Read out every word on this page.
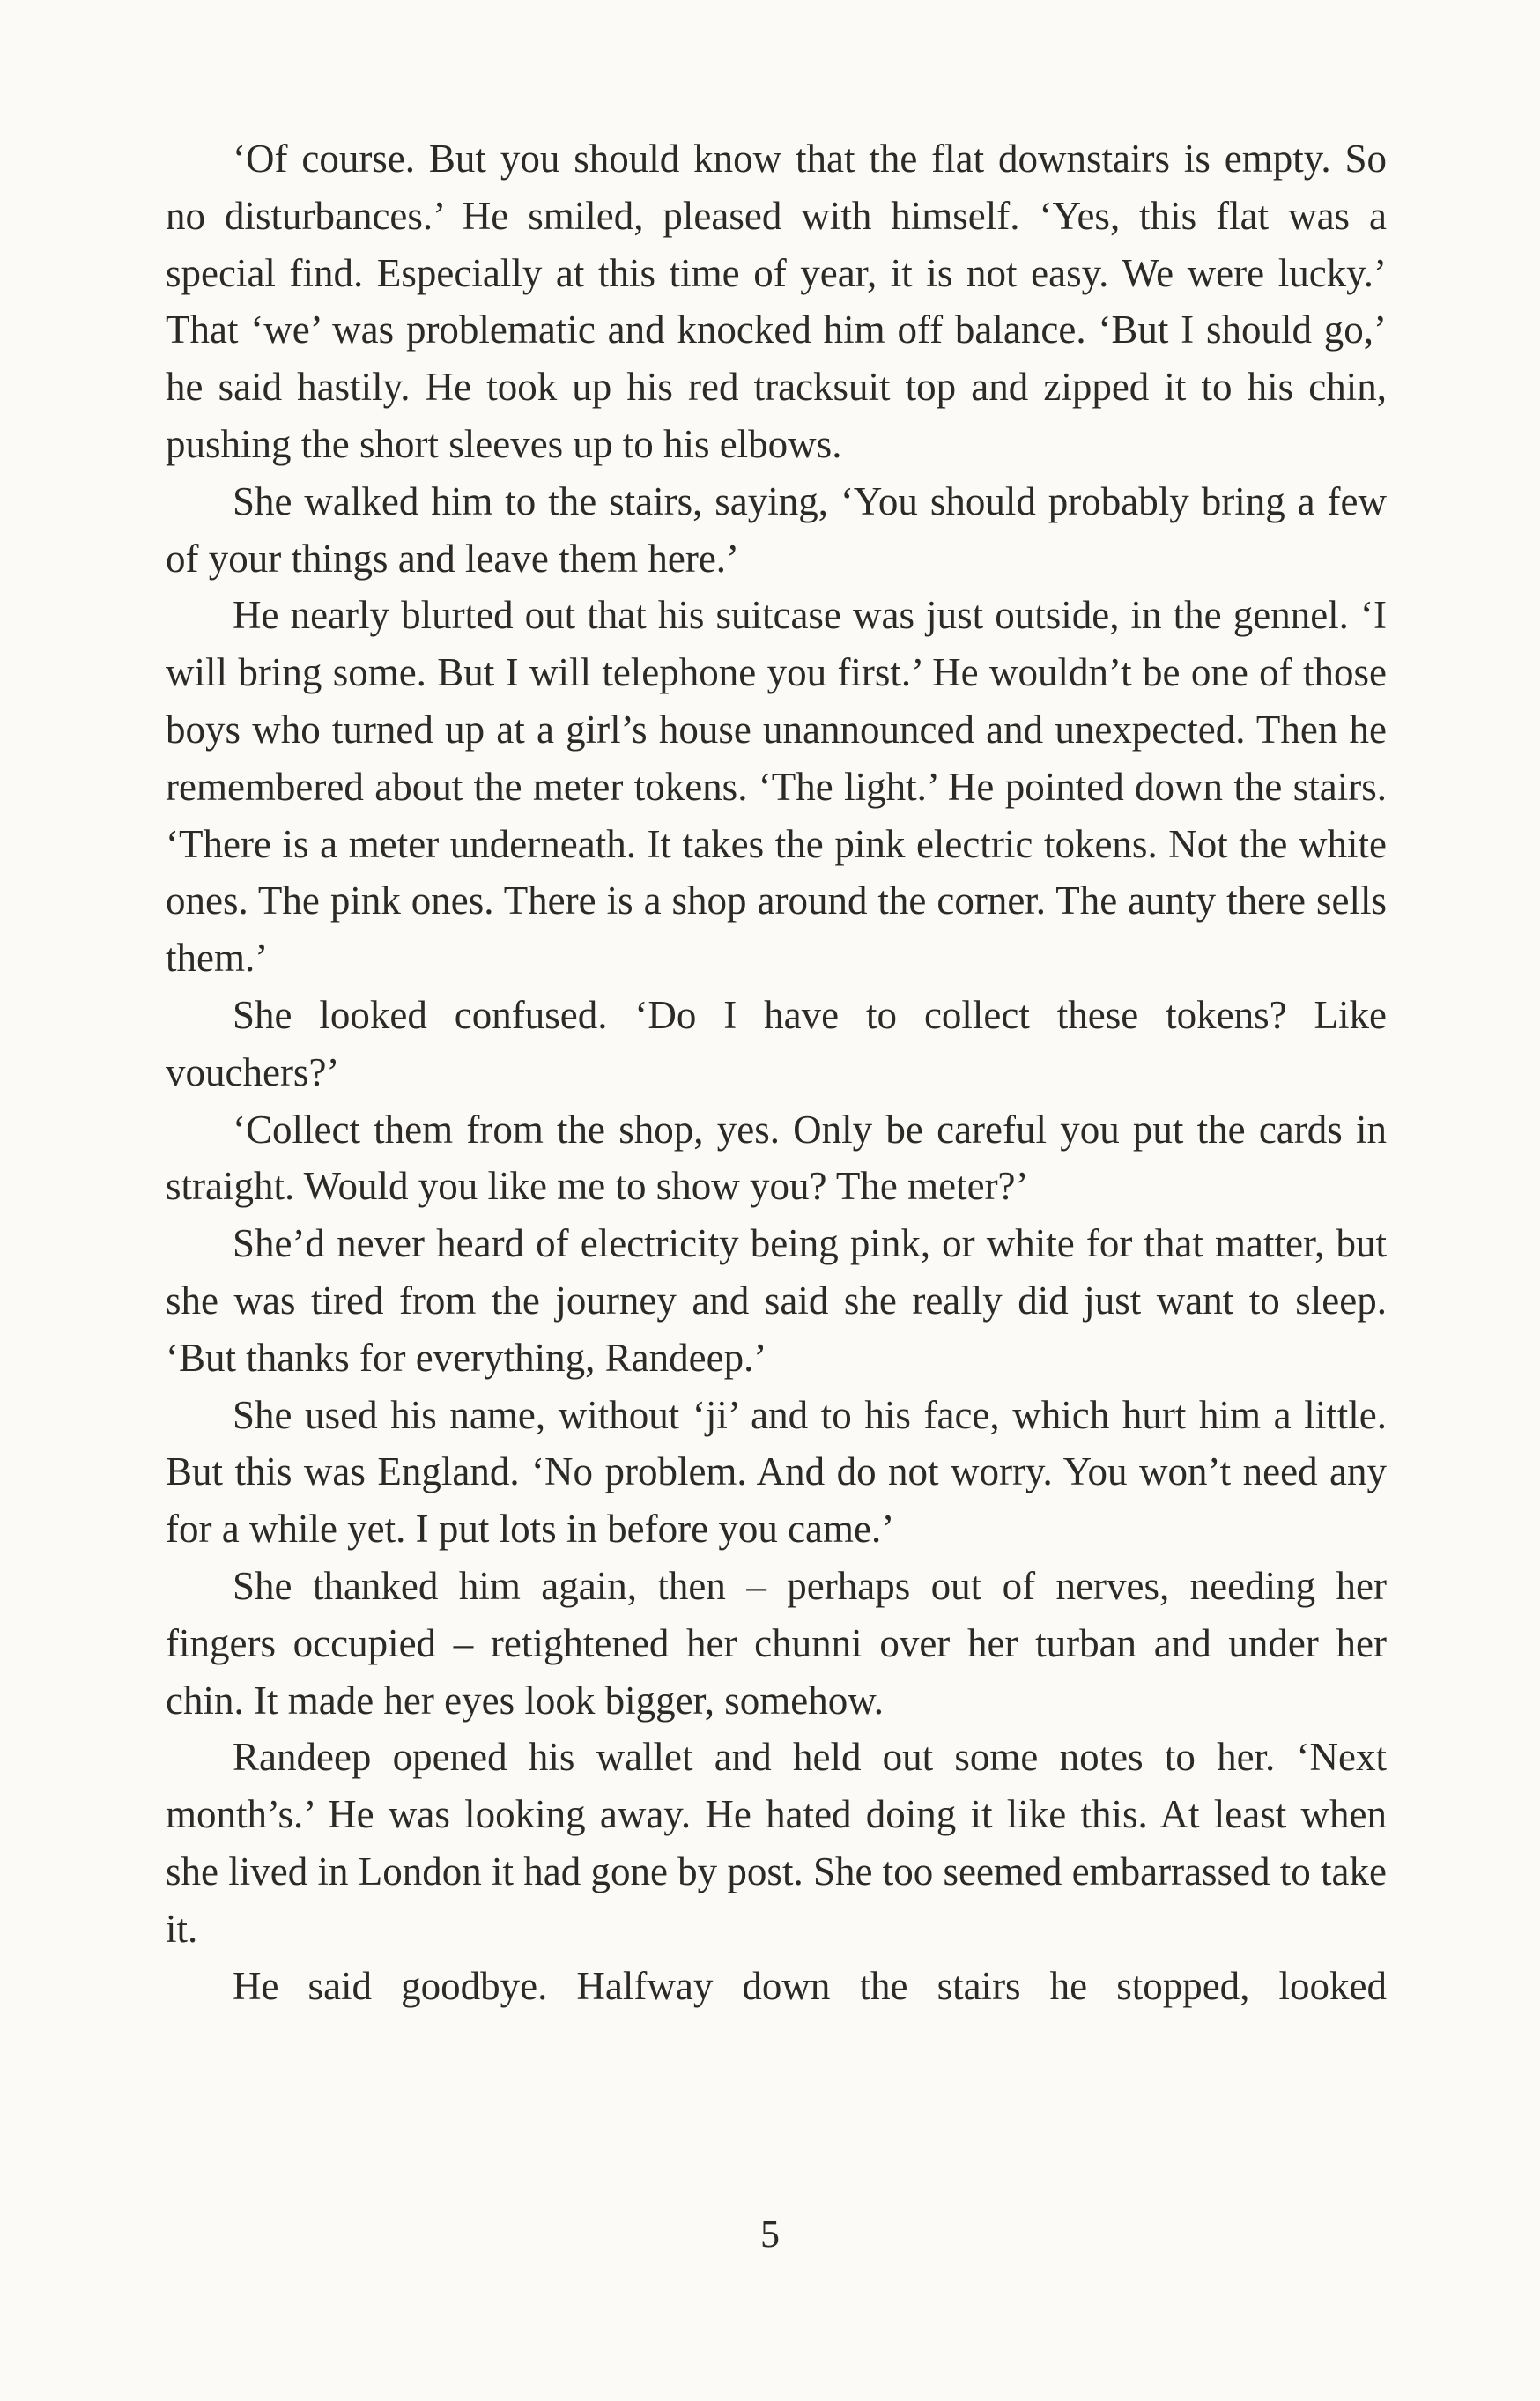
‘Of course. But you should know that the flat downstairs is empty. So no disturbances.’ He smiled, pleased with himself. ‘Yes, this flat was a special find. Especially at this time of year, it is not easy. We were lucky.’ That ‘we’ was problematic and knocked him off balance. ‘But I should go,’ he said hastily. He took up his red tracksuit top and zipped it to his chin, pushing the short sleeves up to his elbows.

She walked him to the stairs, saying, ‘You should probably bring a few of your things and leave them here.’

He nearly blurted out that his suitcase was just outside, in the gennel. ‘I will bring some. But I will telephone you first.’ He wouldn’t be one of those boys who turned up at a girl’s house unannounced and unexpected. Then he remembered about the meter tokens. ‘The light.’ He pointed down the stairs. ‘There is a meter underneath. It takes the pink electric tokens. Not the white ones. The pink ones. There is a shop around the corner. The aunty there sells them.’

She looked confused. ‘Do I have to collect these tokens? Like vouchers?’

‘Collect them from the shop, yes. Only be careful you put the cards in straight. Would you like me to show you? The meter?’

She’d never heard of electricity being pink, or white for that matter, but she was tired from the journey and said she really did just want to sleep. ‘But thanks for everything, Randeep.’

She used his name, without ‘ji’ and to his face, which hurt him a little. But this was England. ‘No problem. And do not worry. You won’t need any for a while yet. I put lots in before you came.’

She thanked him again, then – perhaps out of nerves, needing her fingers occupied – retightened her chunni over her turban and under her chin. It made her eyes look bigger, somehow.

Randeep opened his wallet and held out some notes to her. ‘Next month’s.’ He was looking away. He hated doing it like this. At least when she lived in London it had gone by post. She too seemed embarrassed to take it.

He said goodbye. Halfway down the stairs he stopped, looked

5
